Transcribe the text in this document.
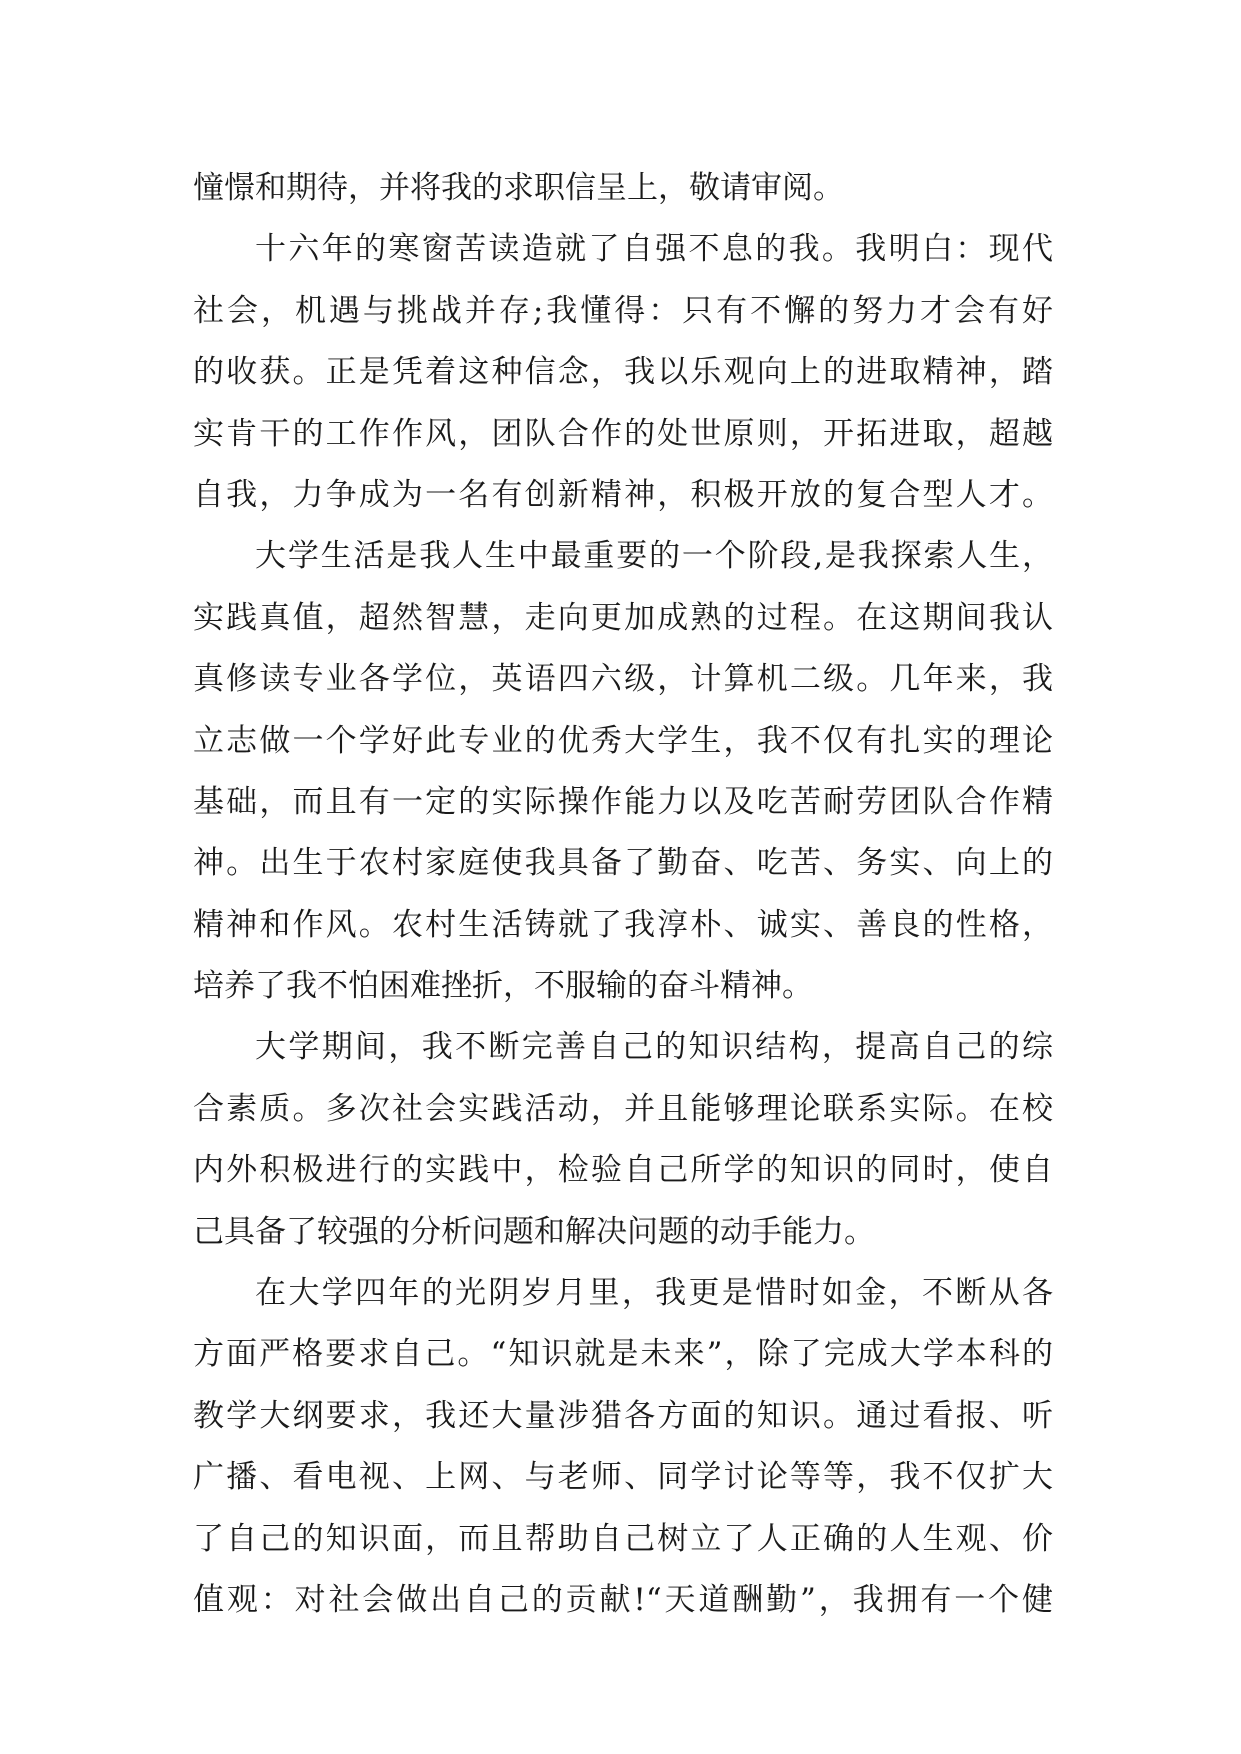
憧憬和期待，并将我的求职信呈上，敬请审阅。
十六年的寒窗苦读造就了自强不息的我。我明白：现代
社会，机遇与挑战并存;我懂得：只有不懈的努力才会有好
的收获。正是凭着这种信念，我以乐观向上的进取精神，踏
实肯干的工作作风，团队合作的处世原则，开拓进取，超越
自我，力争成为一名有创新精神，积极开放的复合型人才。
大学生活是我人生中最重要的一个阶段,是我探索人生，
实践真值，超然智慧，走向更加成熟的过程。在这期间我认
真修读专业各学位，英语四六级，计算机二级。几年来，我
立志做一个学好此专业的优秀大学生，我不仅有扎实的理论
基础，而且有一定的实际操作能力以及吃苦耐劳团队合作精
神。出生于农村家庭使我具备了勤奋、吃苦、务实、向上的
精神和作风。农村生活铸就了我淳朴、诚实、善良的性格，
培养了我不怕困难挫折，不服输的奋斗精神。
大学期间，我不断完善自己的知识结构，提高自己的综
合素质。多次社会实践活动，并且能够理论联系实际。在校
内外积极进行的实践中，检验自己所学的知识的同时，使自
己具备了较强的分析问题和解决问题的动手能力。
在大学四年的光阴岁月里，我更是惜时如金，不断从各
方面严格要求自己。“知识就是未来”，除了完成大学本科的
教学大纲要求，我还大量涉猎各方面的知识。通过看报、听
广播、看电视、上网、与老师、同学讨论等等，我不仅扩大
了自己的知识面，而且帮助自己树立了人正确的人生观、价
值观：对社会做出自己的贡献!“天道酬勤”，我拥有一个健
